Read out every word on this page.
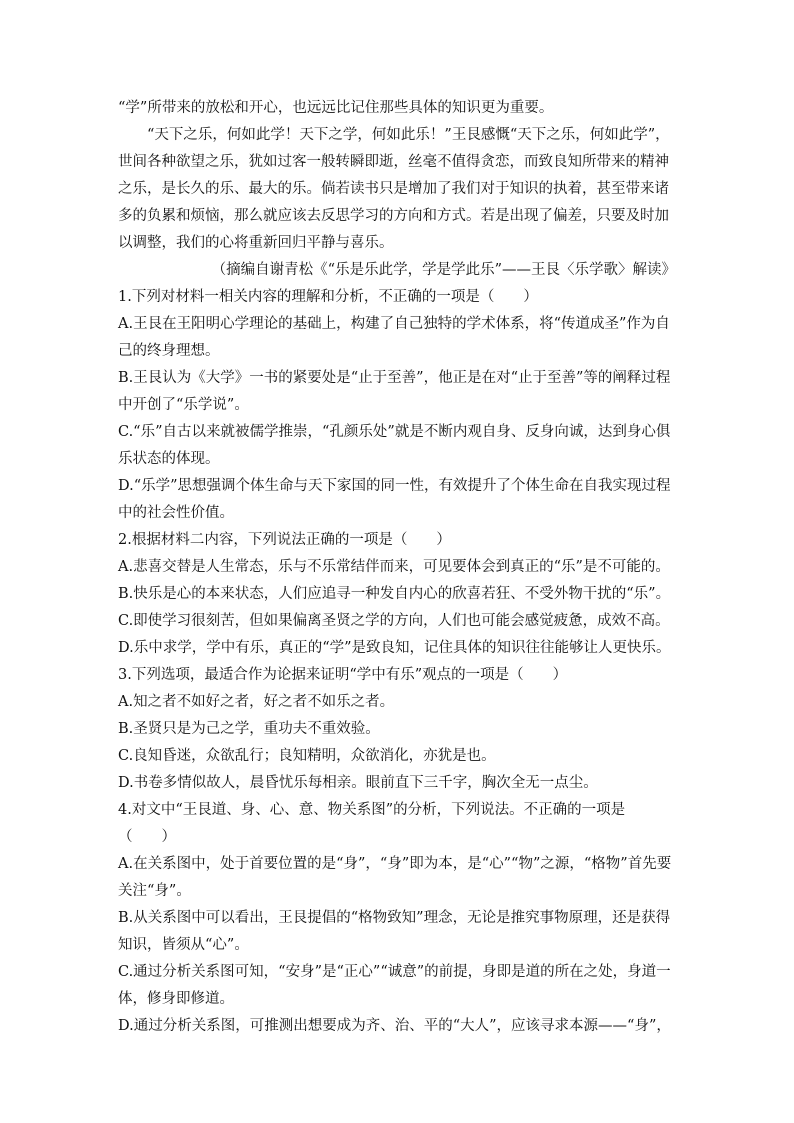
“学”所带来的放松和开心，也远远比记住那些具体的知识更为重要。

“天下之乐，何如此学！天下之学，何如此乐！”王艮感慨“天下之乐，何如此学”，世间各种欲望之乐，犹如过客一般转瞬即逝，丝毫不值得贪恋，而致良知所带来的精神之乐，是长久的乐、最大的乐。倘若读书只是增加了我们对于知识的执着，甚至带来诸多的负累和烦恼，那么就应该去反思学习的方向和方式。若是出现了偏差，只要及时加以调整，我们的心将重新回归平静与喜乐。

（摘编自谢青松《“乐是乐此学，学是学此乐”——王艮〈乐学歌〉解读》

1.下列对材料一相关内容的理解和分析，不正确的一项是（　　）

A.王艮在王阳明心学理论的基础上，构建了自己独特的学术体系，将“传道成圣”作为自己的终身理想。

B.王艮认为《大学》一书的紧要处是“止于至善”，他正是在对“止于至善”等的阐释过程中开创了“乐学说”。

C.“乐”自古以来就被儒学推崇，“孔颜乐处”就是不断内观自身、反身向诚，达到身心俱乐状态的体现。

D.“乐学”思想强调个体生命与天下家国的同一性，有效提升了个体生命在自我实现过程中的社会性价值。

2.根据材料二内容，下列说法正确的一项是（　　）

A.悲喜交替是人生常态，乐与不乐常结伴而来，可见要体会到真正的“乐”是不可能的。

B.快乐是心的本来状态，人们应追寻一种发自内心的欣喜若狂、不受外物干扰的“乐”。

C.即使学习很刻苦，但如果偏离圣贤之学的方向，人们也可能会感觉疲惫，成效不高。

D.乐中求学，学中有乐，真正的“学”是致良知，记住具体的知识往往能够让人更快乐。

3.下列选项，最适合作为论据来证明“学中有乐”观点的一项是（　　）

A.知之者不如好之者，好之者不如乐之者。

B.圣贤只是为己之学，重功夫不重效验。

C.良知昏迷，众欲乱行；良知精明，众欲消化，亦犹是也。

D.书卷多情似故人，晨昏忧乐每相亲。眼前直下三千字，胸次全无一点尘。

4.对文中“王艮道、身、心、意、物关系图”的分析，下列说法。不正确的一项是（　　）

A.在关系图中，处于首要位置的是“身”，“身”即为本，是“心”“物”之源，“格物”首先要关注“身”。

B.从关系图中可以看出，王艮提倡的“格物致知”理念，无论是推究事物原理，还是获得知识，皆须从“心”。

C.通过分析关系图可知，“安身”是“正心”“诚意”的前提，身即是道的所在之处，身道一体，修身即修道。

D.通过分析关系图，可推测出想要成为齐、治、平的“大人”，应该寻求本源——“身”，
